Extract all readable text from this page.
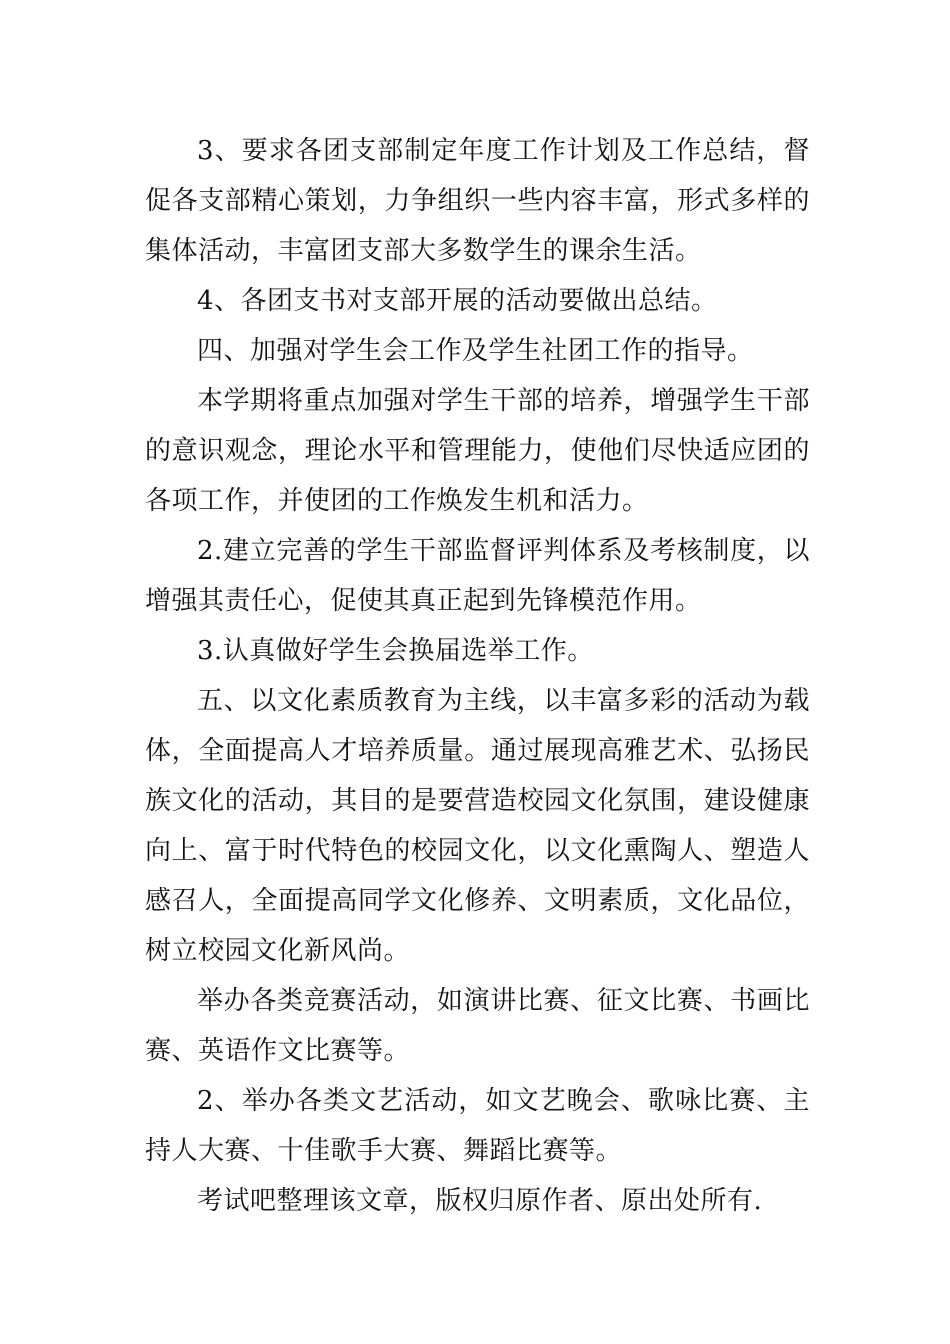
3、要求各团支部制定年度工作计划及工作总结，督促各支部精心策划，力争组织一些内容丰富，形式多样的集体活动，丰富团支部大多数学生的课余生活。

4、各团支书对支部开展的活动要做出总结。

四、加强对学生会工作及学生社团工作的指导。

本学期将重点加强对学生干部的培养，增强学生干部的意识观念，理论水平和管理能力，使他们尽快适应团的各项工作，并使团的工作焕发生机和活力。

2.建立完善的学生干部监督评判体系及考核制度，以增强其责任心，促使其真正起到先锋模范作用。

3.认真做好学生会换届选举工作。

五、以文化素质教育为主线，以丰富多彩的活动为载体，全面提高人才培养质量。通过展现高雅艺术、弘扬民族文化的活动，其目的是要营造校园文化氛围，建设健康向上、富于时代特色的校园文化，以文化熏陶人、塑造人感召人，全面提高同学文化修养、文明素质，文化品位，树立校园文化新风尚。

举办各类竞赛活动，如演讲比赛、征文比赛、书画比赛、英语作文比赛等。

2、举办各类文艺活动，如文艺晚会、歌咏比赛、主持人大赛、十佳歌手大赛、舞蹈比赛等。

考试吧整理该文章，版权归原作者、原出处所有.
